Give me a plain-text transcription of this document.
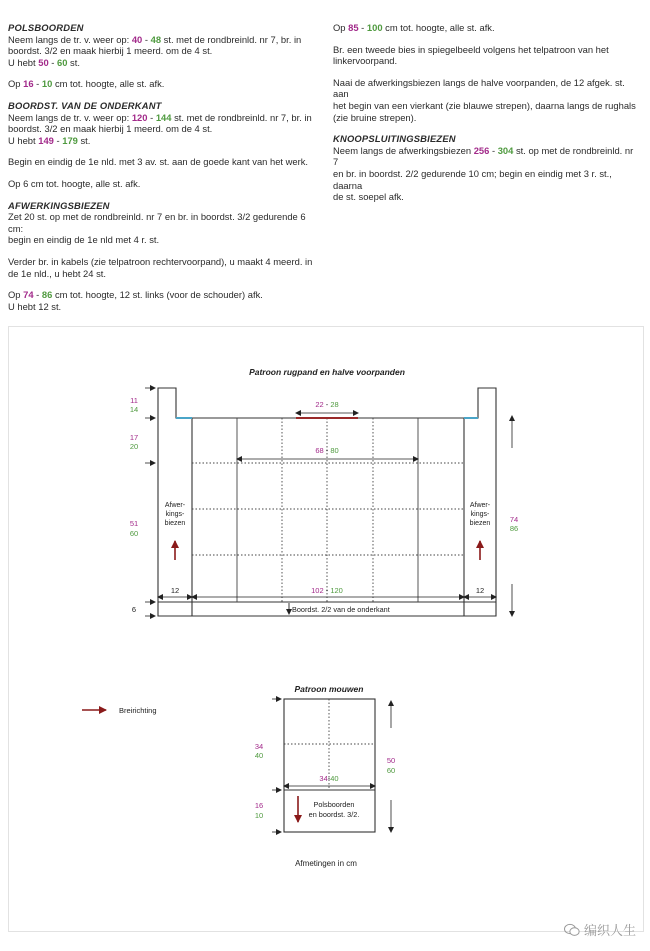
POLSBOORDEN

Neem langs de tr. v. weer op: 40 - 48 st. met de rondbreinld. nr 7, br. in

boordst. 3/2 en maak hierbij 1 meerd. om de 4 st.

U hebt 50 - 60 st.

Op 16 - 10 cm tot. hoogte, alle st. afk.

BOORDST. VAN DE ONDERKANT

Neem langs de tr. v. weer op: 120 - 144 st. met de rondbreinld. nr 7, br. in

boordst. 3/2 en maak hierbij 1 meerd. om de 4 st.

U hebt 149 - 179 st.

Begin en eindig de 1e nld. met 3 av. st. aan de goede kant van het werk.

Op 6 cm tot. hoogte, alle st. afk.

AFWERKINGSBIEZEN

Zet 20 st. op met de rondbreinld. nr 7 en br. in boordst. 3/2 gedurende 6 cm:

begin en eindig de 1e nld met 4 r. st.

Verder br. in kabels (zie telpatroon rechtervoorpand), u maakt 4 meerd. in

de 1e nld., u hebt 24 st.

Op 74 - 86 cm tot. hoogte, 12 st. links (voor de schouder) afk.

U hebt 12 st.

Op 85 - 100 cm tot. hoogte, alle st. afk.

Br. een tweede bies in spiegelbeeld volgens het telpatroon van het

linkervoorpand.

Naai de afwerkingsbiezen langs de halve voorpanden, de 12 afgek. st. aan

het begin van een vierkant (zie blauwe strepen), daarna langs de rughals

(zie bruine strepen).

KNOOPSLUITINGSBIEZEN

Neem langs de afwerkingsbiezen 256 - 304 st. op met de rondbreinld. nr 7

en br. in boordst. 2/2 gedurende 10 cm; begin en eindig met 3 r. st., daarna

de st. soepel afk.

Patroon rugpand en halve voorpanden
22 - 28
68 - 80
12	12
102 - 120
Boordst. 2/2 van de onderkant
Afwer-
kings-
biezen
Afwer-
kings-
biezen
11
14
17
20
51
60
6
74
86
Breirichting
Patroon mouwen
34-40
Polsboorden
en boordst. 3/2.
34
40
16
10
50
60
Afmetingen in cm
编织人生
